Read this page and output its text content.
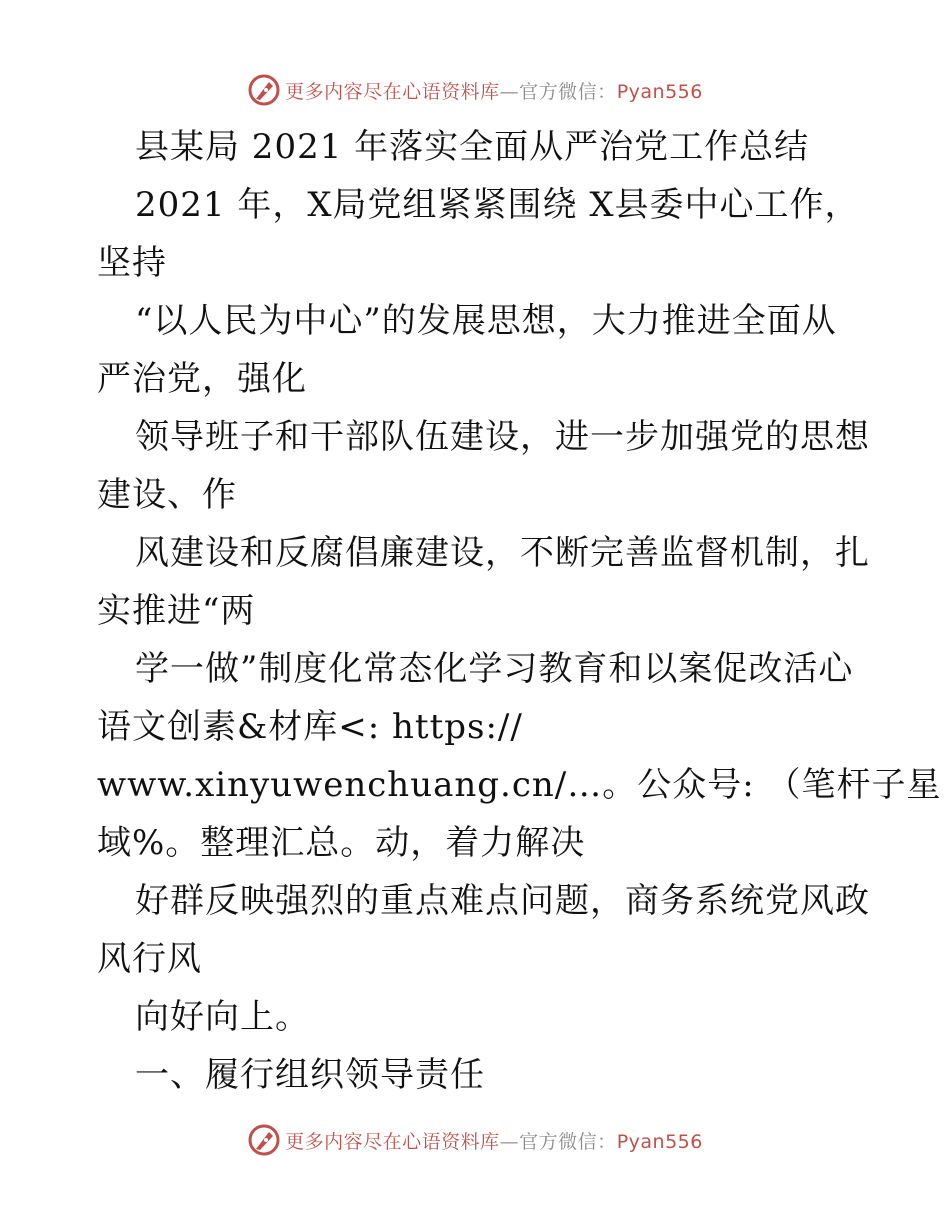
更多内容尽在心语资料库—官方微信：Pyan556
县某局 2021 年落实全面从严治党工作总结
2021 年，X局党组紧紧围绕 X县委中心工作，
坚持
“以人民为中心”的发展思想，大力推进全面从
严治党，强化
领导班子和干部队伍建设，进一步加强党的思想
建设、作
风建设和反腐倡廉建设，不断完善监督机制，扎
实推进“两
学一做”制度化常态化学习教育和以案促改活心
语文创素&材库<: https://
www.xinyuwenchuang.cn/…。公众号: （笔杆子星
域%。整理汇总。动，着力解决
好群反映强烈的重点难点问题，商务系统党风政
风行风
向好向上。
一、履行组织领导责任
更多内容尽在心语资料库—官方微信：Pyan556
